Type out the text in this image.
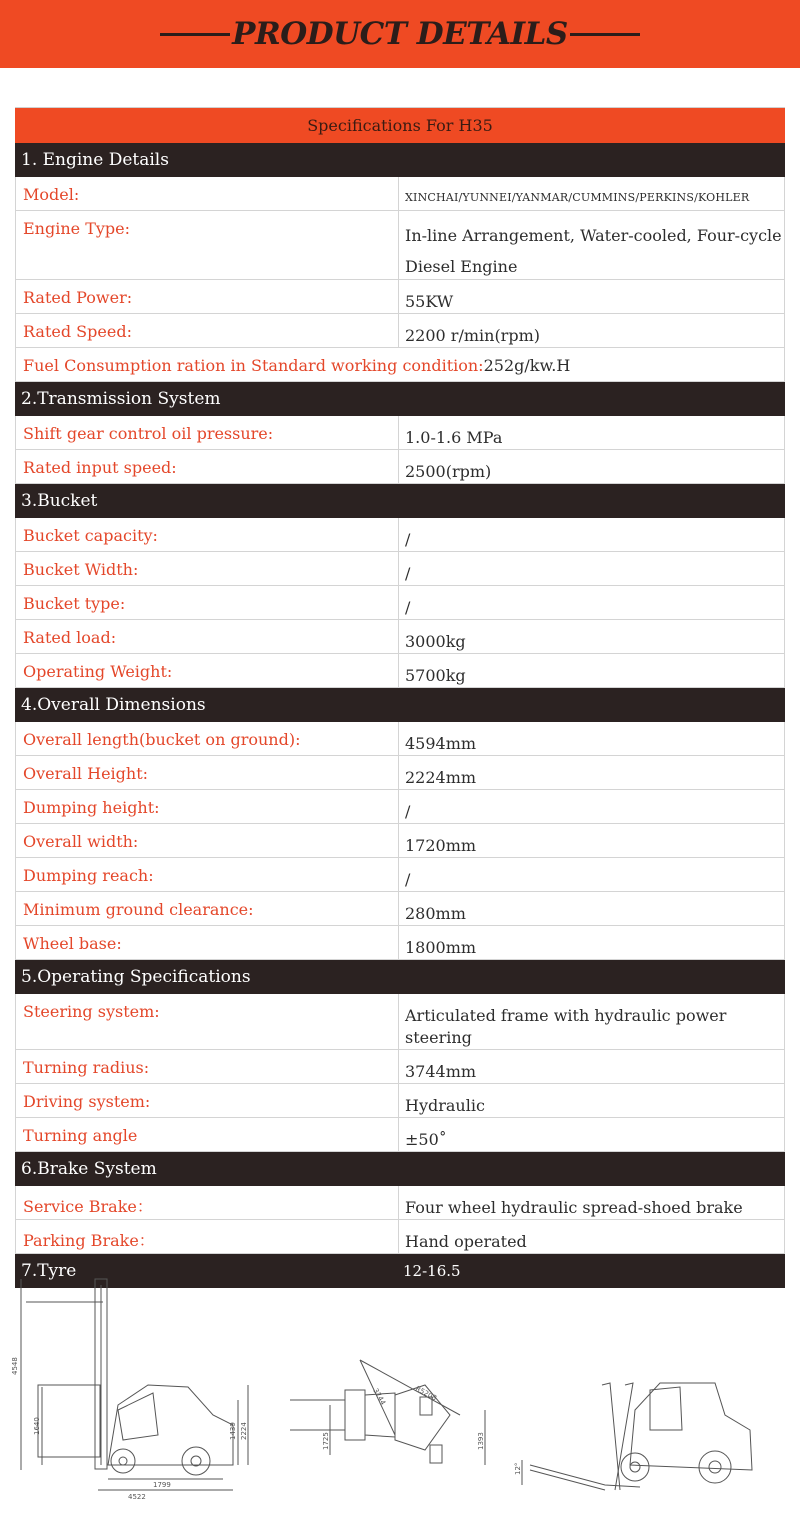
PRODUCT DETAILS
Specifications For H35
1. Engine Details
Model:	XINCHAI/YUNNEI/YANMAR/CUMMINS/PERKINS/KOHLER
Engine Type:	In-line Arrangement, Water-cooled, Four-cycle Diesel Engine
Rated Power:	55KW
Rated Speed:	2200 r/min(rpm)
Fuel Consumption ration in Standard working condition:252g/kw.H
2.Transmission System
Shift gear control oil pressure:	1.0-1.6 MPa
Rated input speed:	2500(rpm)
3.Bucket
Bucket capacity:	/
Bucket Width:	/
Bucket type:	/
Rated load:	3000kg
Operating Weight:	5700kg
4.Overall Dimensions
Overall length(bucket on ground):	4594mm
Overall Height:	2224mm
Dumping height:	/
Overall width:	1720mm
Dumping reach:	/
Minimum ground clearance:	280mm
Wheel base:	1800mm
5.Operating Specifications
Steering system:	Articulated frame with hydraulic power steering
Turning radius:	3744mm
Driving system:	Hydraulic
Turning angle	±50˚
6.Brake System
Service Brake：	Four wheel hydraulic spread-shoed brake
Parking Brake：	Hand operated
7.Tyre	12-16.5
4548
1640	1439 2224
1799
4522
1725	1393
3744	R5208
12°
